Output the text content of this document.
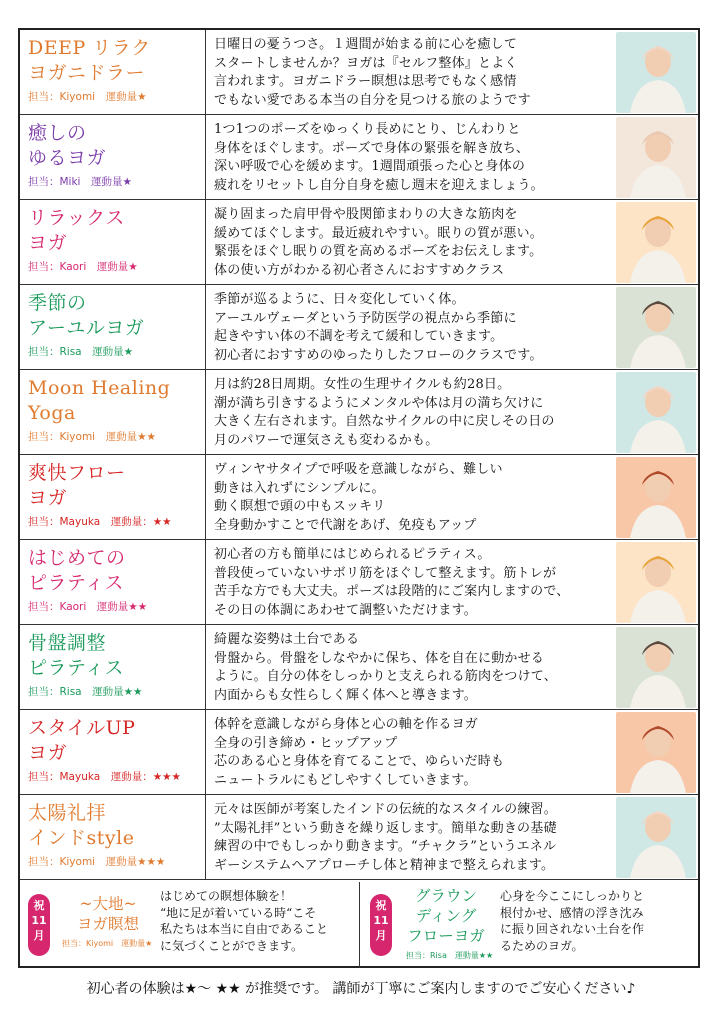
DEEP リラク
ヨガニドラー
担当：Kiyomi　運動量★
日曜日の憂うつさ。１週間が始まる前に心を癒して
スタートしませんか？ヨガは『セルフ整体』とよく
言われます。ヨガニドラー瞑想は思考でもなく感情
でもない愛である本当の自分を見つける旅のようです
癒しの
ゆるヨガ
担当：Miki　運動量★
1つ1つのポーズをゆっくり長めにとり、じんわりと
身体をほぐします。ポーズで身体の緊張を解き放ち、
深い呼吸で心を緩めます。1週間頑張った心と身体の
疲れをリセットし自分自身を癒し週末を迎えましょう。
リラックス
ヨガ
担当：Kaori　運動量★
凝り固まった肩甲骨や股関節まわりの大きな筋肉を
緩めてほぐします。最近疲れやすい。眠りの質が悪い。
緊張をほぐし眠りの質を高めるポーズをお伝えします。
体の使い方がわかる初心者さんにおすすめクラス
季節の
アーユルヨガ
担当：Risa　運動量★
季節が巡るように、日々変化していく体。
アーユルヴェーダという予防医学の視点から季節に
起きやすい体の不調を考えて緩和していきます。
初心者におすすめのゆったりしたフローのクラスです。
Moon Healing
Yoga
担当：Kiyomi　運動量★★
月は約28日周期。女性の生理サイクルも約28日。
潮が満ち引きするようにメンタルや体は月の満ち欠けに
大きく左右されます。自然なサイクルの中に戻しその日の
月のパワーで運気さえも変わるかも。
爽快フロー
ヨガ
担当：Mayuka　運動量：★★
ヴィンヤサタイプで呼吸を意識しながら、難しい
動きは入れずにシンプルに。
動く瞑想で頭の中もスッキリ
全身動かすことで代謝をあげ、免疫もアップ
はじめての
ピラティス
担当：Kaori　運動量★★
初心者の方も簡単にはじめられるピラティス。
普段使っていないサボリ筋をほぐして整えます。筋トレが
苦手な方でも大丈夫。ポーズは段階的にご案内しますので、
その日の体調にあわせて調整いただけます。
骨盤調整
ピラティス
担当：Risa　運動量★★
綺麗な姿勢は土台である
骨盤から。骨盤をしなやかに保ち、体を自在に動かせる
ように。自分の体をしっかりと支えられる筋肉をつけて、
内面からも女性らしく輝く体へと導きます。
スタイルUP
ヨガ
担当：Mayuka　運動量：★★★
体幹を意識しながら身体と心の軸を作るヨガ
全身の引き締め・ヒップアップ
芯のある心と身体を育てることで、ゆらいだ時も
ニュートラルにもどしやすくしていきます。
太陽礼拝
インドstyle
担当：Kiyomi　運動量★★★
元々は医師が考案したインドの伝統的なスタイルの練習。
”太陽礼拝”という動きを繰り返します。簡単な動きの基礎
練習の中でもしっかり動きます。“チャクラ”というエネル
ギーシステムへアプローチし体と精神まで整えられます。
祝
11
月
~大地~
ヨガ瞑想
担当：Kiyomi　運動量★
はじめての瞑想体験を！
“地に足が着いている時“こそ
私たちは本当に自由であること
に気づくことができます。
祝
11
月
グラウン
ディング
フローヨガ
担当：Risa　運動量★★
心身を今ここにしっかりと
根付かせ、感情の浮き沈み
に振り回されない土台を作
るためのヨガ。
初心者の体験は★～ ★★ が推奨です。 講師が丁寧にご案内しますのでご安心ください♪
